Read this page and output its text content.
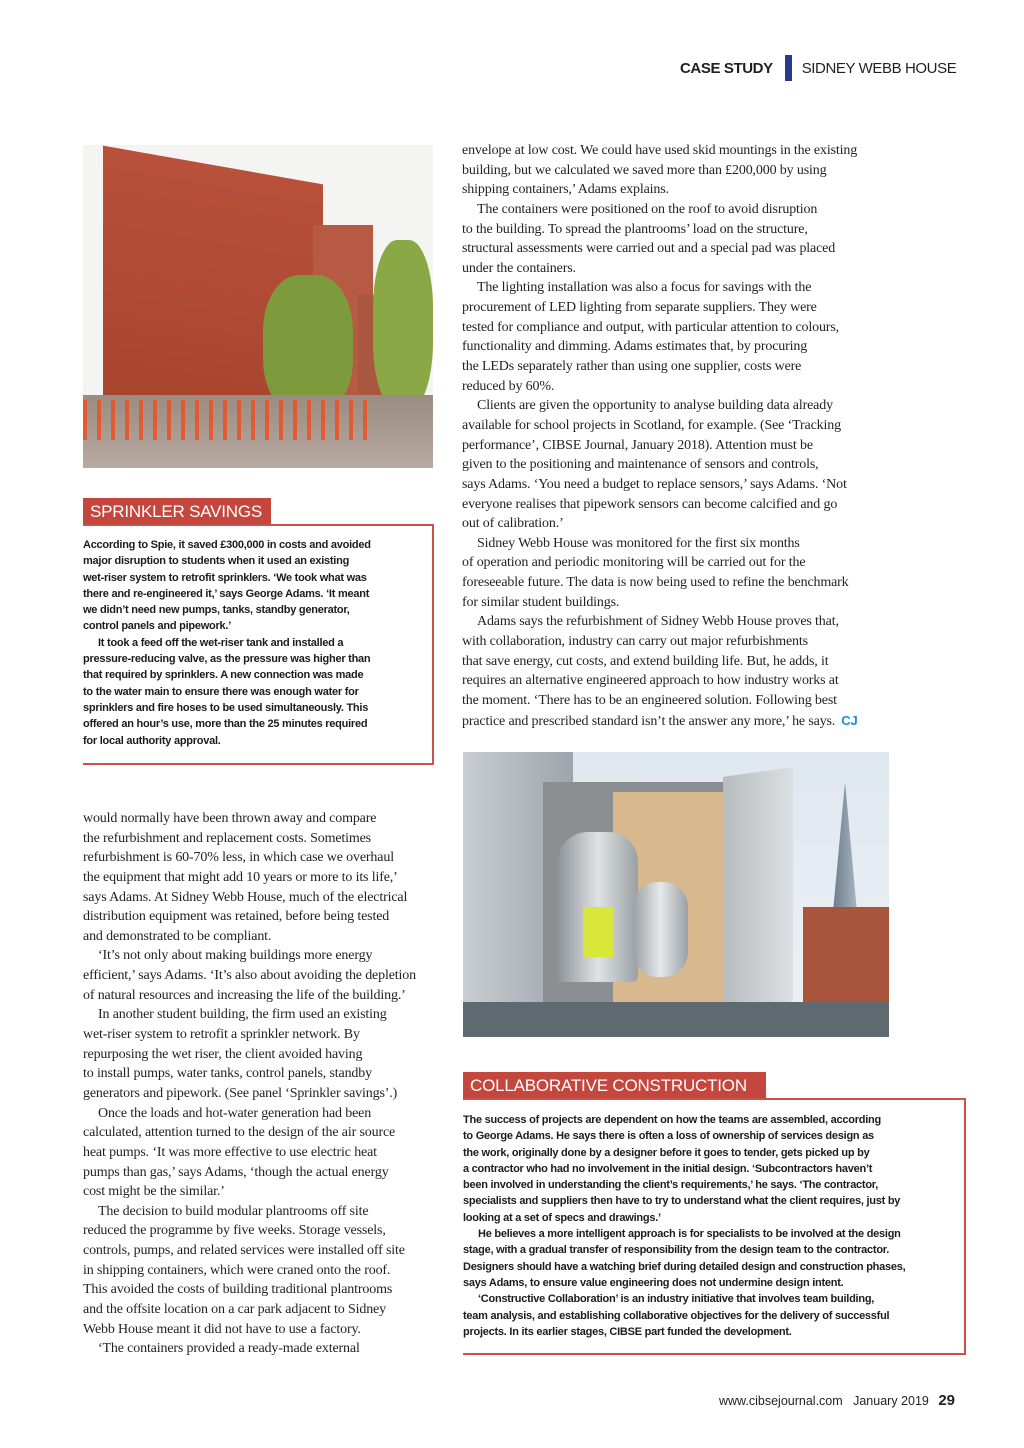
CASE STUDY SIDNEY WEBB HOUSE
SPRINKLER SAVINGS
According to Spie, it saved £300,000 in costs and avoided
major disruption to students when it used an existing
wet-riser system to retrofit sprinklers. ‘We took what was
there and re-engineered it,’ says George Adams. ‘It meant
we didn’t need new pumps, tanks, standby generator,
control panels and pipework.’
It took a feed off the wet-riser tank and installed a
pressure-reducing valve, as the pressure was higher than
that required by sprinklers. A new connection was made
to the water main to ensure there was enough water for
sprinklers and fire hoses to be used simultaneously. This
offered an hour’s use, more than the 25 minutes required
for local authority approval.
envelope at low cost. We could have used skid mountings in the existing
building, but we calculated we saved more than £200,000 by using
shipping containers,’ Adams explains.
The containers were positioned on the roof to avoid disruption
to the building. To spread the plantrooms’ load on the structure,
structural assessments were carried out and a special pad was placed
under the containers.
The lighting installation was also a focus for savings with the
procurement of LED lighting from separate suppliers. They were
tested for compliance and output, with particular attention to colours,
functionality and dimming. Adams estimates that, by procuring
the LEDs separately rather than using one supplier, costs were
reduced by 60%.
Clients are given the opportunity to analyse building data already
available for school projects in Scotland, for example. (See ‘Tracking
performance’, CIBSE Journal, January 2018). Attention must be
given to the positioning and maintenance of sensors and controls,
says Adams. ‘You need a budget to replace sensors,’ says Adams. ‘Not
everyone realises that pipework sensors can become calcified and go
out of calibration.’
Sidney Webb House was monitored for the first six months
of operation and periodic monitoring will be carried out for the
foreseeable future. The data is now being used to refine the benchmark
for similar student buildings.
Adams says the refurbishment of Sidney Webb House proves that,
with collaboration, industry can carry out major refurbishments
that save energy, cut costs, and extend building life. But, he adds, it
requires an alternative engineered approach to how industry works at
the moment. ‘There has to be an engineered solution. Following best
practice and prescribed standard isn’t the answer any more,’ he says. CJ
would normally have been thrown away and compare
the refurbishment and replacement costs. Sometimes
refurbishment is 60-70% less, in which case we overhaul
the equipment that might add 10 years or more to its life,’
says Adams. At Sidney Webb House, much of the electrical
distribution equipment was retained, before being tested
and demonstrated to be compliant.
‘It’s not only about making buildings more energy
efficient,’ says Adams. ‘It’s also about avoiding the depletion
of natural resources and increasing the life of the building.’
In another student building, the firm used an existing
wet-riser system to retrofit a sprinkler network. By
repurposing the wet riser, the client avoided having
to install pumps, water tanks, control panels, standby
generators and pipework. (See panel ‘Sprinkler savings’.)
Once the loads and hot-water generation had been
calculated, attention turned to the design of the air source
heat pumps. ‘It was more effective to use electric heat
pumps than gas,’ says Adams, ‘though the actual energy
cost might be the similar.’
The decision to build modular plantrooms off site
reduced the programme by five weeks. Storage vessels,
controls, pumps, and related services were installed off site
in shipping containers, which were craned onto the roof.
This avoided the costs of building traditional plantrooms
and the offsite location on a car park adjacent to Sidney
Webb House meant it did not have to use a factory.
‘The containers provided a ready-made external
COLLABORATIVE CONSTRUCTION
The success of projects are dependent on how the teams are assembled, according
to George Adams. He says there is often a loss of ownership of services design as
the work, originally done by a designer before it goes to tender, gets picked up by
a contractor who had no involvement in the initial design. ‘Subcontractors haven’t
been involved in understanding the client’s requirements,’ he says. ‘The contractor,
specialists and suppliers then have to try to understand what the client requires, just by
looking at a set of specs and drawings.’
He believes a more intelligent approach is for specialists to be involved at the design
stage, with a gradual transfer of responsibility from the design team to the contractor.
Designers should have a watching brief during detailed design and construction phases,
says Adams, to ensure value engineering does not undermine design intent.
‘Constructive Collaboration’ is an industry initiative that involves team building,
team analysis, and establishing collaborative objectives for the delivery of successful
projects. In its earlier stages, CIBSE part funded the development.
www.cibsejournal.com January 2019 29
